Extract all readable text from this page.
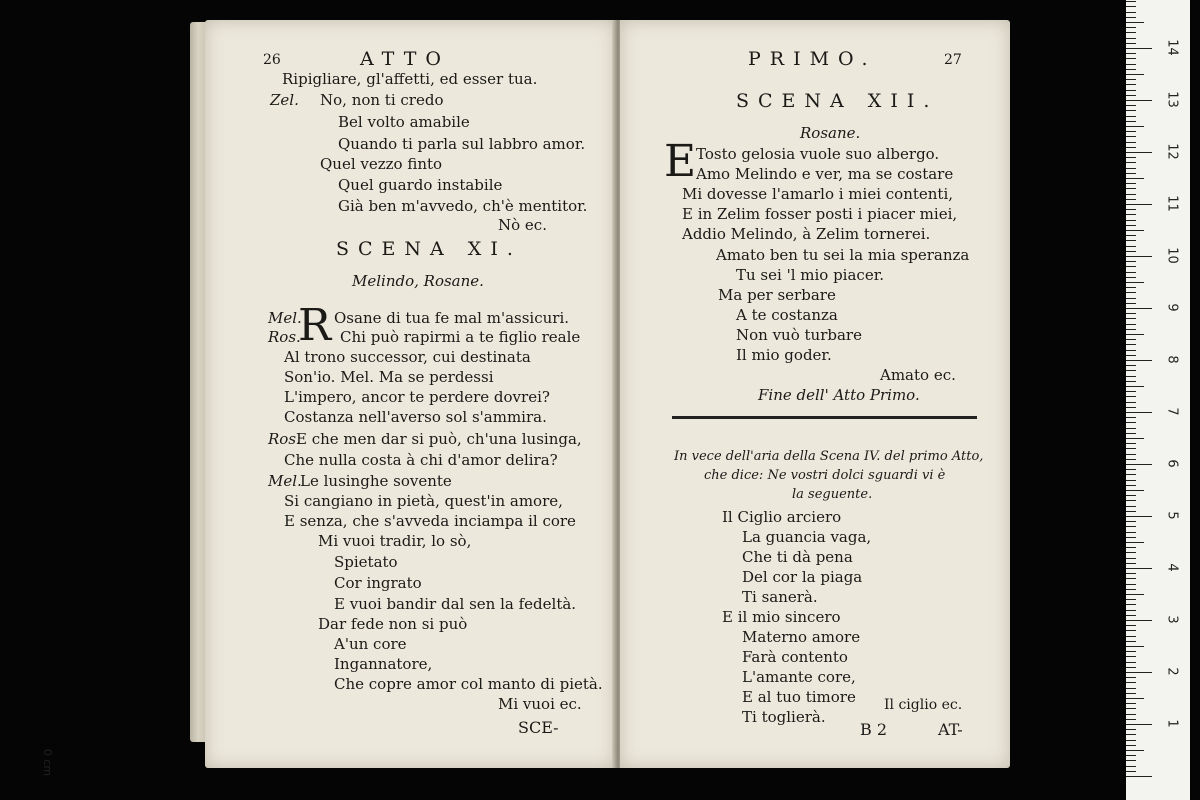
26	ATTO
Ripigliare, gl'affetti, ed esser tua.
Zel. No, non ti credo
Bel volto amabile
Quando ti parla sul labbro amor.
Quel vezzo finto
Quel guardo instabile
Già ben m'avvedo, ch'è mentitor.
Nò ec.
SCENA XI.
Melindo, Rosane.
R
Mel. Osane di tua fe mal m'assicuri.
Ros.	Chi può rapirmi a te figlio reale
Al trono successor, cui destinata
Son'io. Mel. Ma se perdessi
L'impero, ancor te perdere dovrei?
Costanza nell'averso sol s'ammira.
Ros.
E che men dar si può, ch'una lusinga,
Che nulla costa à chi d'amor delira?
Mel.
Le lusinghe sovente
Si cangiano in pietà, quest'in amore,
E senza, che s'avveda inciampa il core
Mi vuoi tradir, lo sò,
Spietato
Cor ingrato
E vuoi bandir dal sen la fedeltà.
Dar fede non si può
A'un core
Ingannatore,
Che copre amor col manto di pietà.
Mi vuoi ec.
SCE-
PRIMO.	27
SCENA XII.
Rosane.
E Tosto gelosia vuole suo albergo.
Amo Melindo e ver, ma se costare
Mi dovesse l'amarlo i miei contenti,
E in Zelim fosser posti i piacer miei,
Addio Melindo, à Zelim tornerei.
Amato ben tu sei la mia speranza
Tu sei 'l mio piacer.
Ma per serbare
A te costanza
Non vuò turbare
Il mio goder.
Amato ec.
Fine dell' Atto Primo.
In vece dell'aria della Scena IV. del primo Atto,
che dice: Ne vostri dolci sguardi vi è
la seguente.
Il Ciglio arciero
La guancia vaga,
Che ti dà pena
Del cor la piaga
Ti sanerà.
E il mio sincero
Materno amore
Farà contento
L'amante core,
E al tuo timore
Ti toglierà.
Il ciglio ec.
B 2	AT-	1
2
3
4
5
6
7
8
9
10
11
12
13
14
0 cm
